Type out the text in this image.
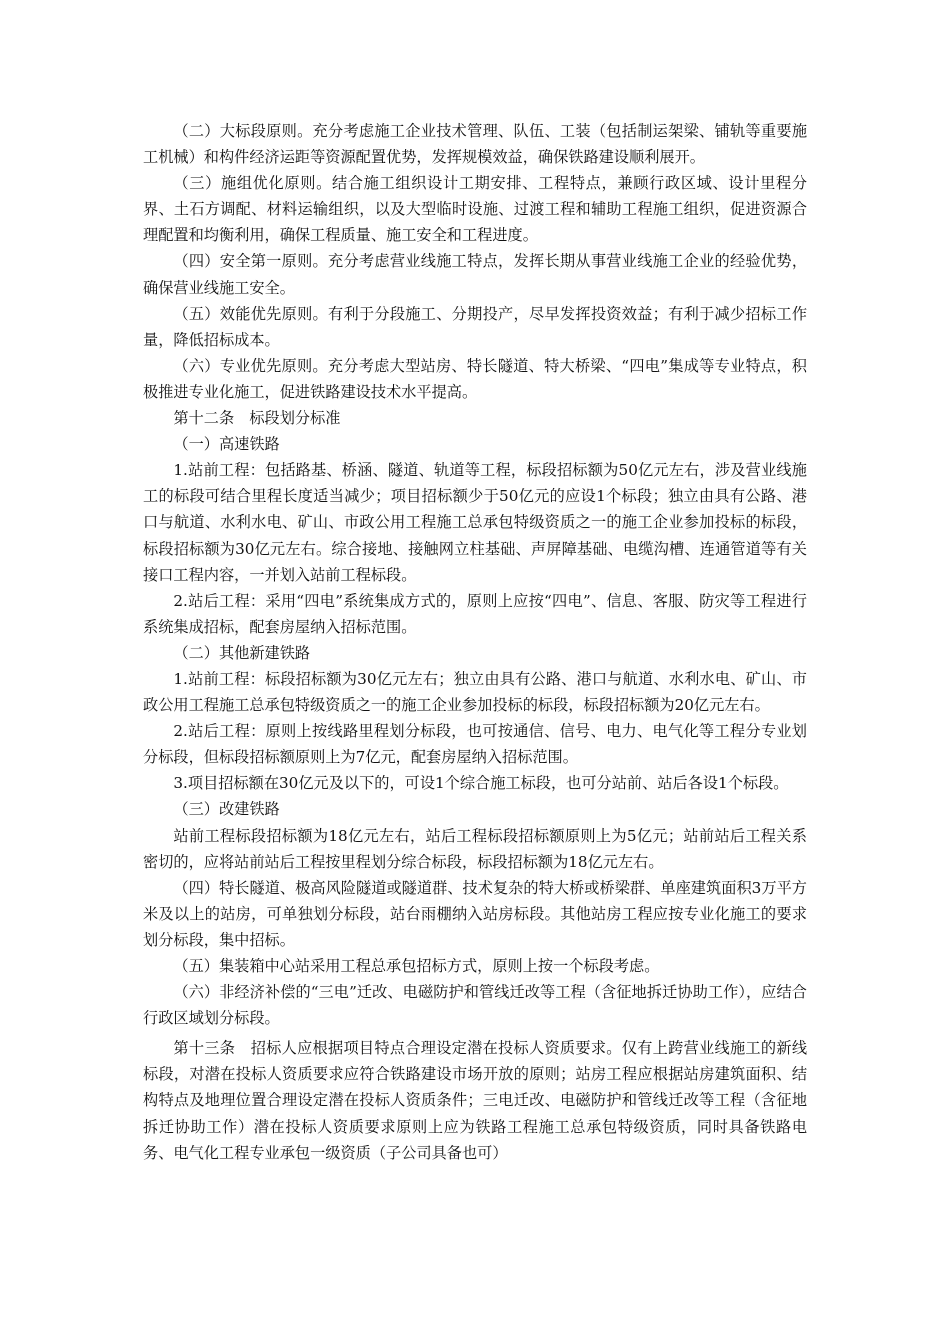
（二）大标段原则。充分考虑施工企业技术管理、队伍、工装（包括制运架梁、铺轨等重要施工机械）和构件经济运距等资源配置优势，发挥规模效益，确保铁路建设顺利展开。

（三）施组优化原则。结合施工组织设计工期安排、工程特点，兼顾行政区域、设计里程分界、土石方调配、材料运输组织，以及大型临时设施、过渡工程和辅助工程施工组织，促进资源合理配置和均衡利用，确保工程质量、施工安全和工程进度。

（四）安全第一原则。充分考虑营业线施工特点，发挥长期从事营业线施工企业的经验优势，确保营业线施工安全。

（五）效能优先原则。有利于分段施工、分期投产，尽早发挥投资效益；有利于减少招标工作量，降低招标成本。

（六）专业优先原则。充分考虑大型站房、特长隧道、特大桥梁、“四电”集成等专业特点，积极推进专业化施工，促进铁路建设技术水平提高。

第十二条　标段划分标准

（一）高速铁路

1.站前工程：包括路基、桥涵、隧道、轨道等工程，标段招标额为50亿元左右，涉及营业线施工的标段可结合里程长度适当减少；项目招标额少于50亿元的应设1个标段；独立由具有公路、港口与航道、水利水电、矿山、市政公用工程施工总承包特级资质之一的施工企业参加投标的标段，标段招标额为30亿元左右。综合接地、接触网立柱基础、声屏障基础、电缆沟槽、连通管道等有关接口工程内容，一并划入站前工程标段。

2.站后工程：采用“四电”系统集成方式的，原则上应按“四电”、信息、客服、防灾等工程进行系统集成招标，配套房屋纳入招标范围。

（二）其他新建铁路

1.站前工程：标段招标额为30亿元左右；独立由具有公路、港口与航道、水利水电、矿山、市政公用工程施工总承包特级资质之一的施工企业参加投标的标段，标段招标额为20亿元左右。

2.站后工程：原则上按线路里程划分标段，也可按通信、信号、电力、电气化等工程分专业划分标段，但标段招标额原则上为7亿元，配套房屋纳入招标范围。

3.项目招标额在30亿元及以下的，可设1个综合施工标段，也可分站前、站后各设1个标段。

（三）改建铁路

站前工程标段招标额为18亿元左右，站后工程标段招标额原则上为5亿元；站前站后工程关系密切的，应将站前站后工程按里程划分综合标段，标段招标额为18亿元左右。

（四）特长隧道、极高风险隧道或隧道群、技术复杂的特大桥或桥梁群、单座建筑面积3万平方米及以上的站房，可单独划分标段，站台雨棚纳入站房标段。其他站房工程应按专业化施工的要求划分标段，集中招标。

（五）集装箱中心站采用工程总承包招标方式，原则上按一个标段考虑。

（六）非经济补偿的“三电”迁改、电磁防护和管线迁改等工程（含征地拆迁协助工作），应结合行政区域划分标段。

第十三条　招标人应根据项目特点合理设定潜在投标人资质要求。仅有上跨营业线施工的新线标段，对潜在投标人资质要求应符合铁路建设市场开放的原则；站房工程应根据站房建筑面积、结构特点及地理位置合理设定潜在投标人资质条件；三电迁改、电磁防护和管线迁改等工程（含征地拆迁协助工作）潜在投标人资质要求原则上应为铁路工程施工总承包特级资质，同时具备铁路电务、电气化工程专业承包一级资质（子公司具备也可）
